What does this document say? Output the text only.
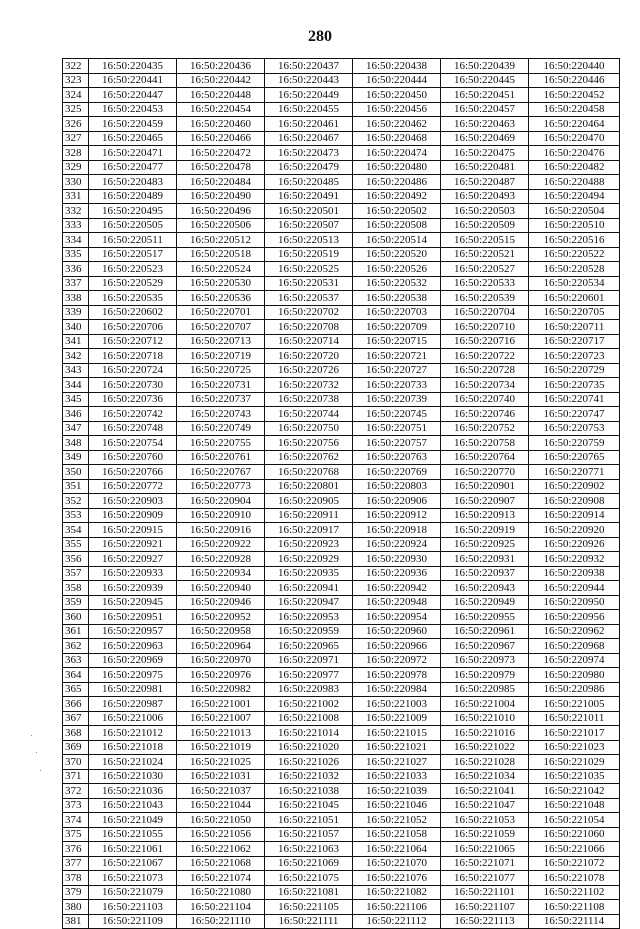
280
322	16:50:220435	16:50:220436	16:50:220437	16:50:220438	16:50:220439	16:50:220440
323	16:50:220441	16:50:220442	16:50:220443	16:50:220444	16:50:220445	16:50:220446
324	16:50:220447	16:50:220448	16:50:220449	16:50:220450	16:50:220451	16:50:220452
325	16:50:220453	16:50:220454	16:50:220455	16:50:220456	16:50:220457	16:50:220458
326	16:50:220459	16:50:220460	16:50:220461	16:50:220462	16:50:220463	16:50:220464
327	16:50:220465	16:50:220466	16:50:220467	16:50:220468	16:50:220469	16:50:220470
328	16:50:220471	16:50:220472	16:50:220473	16:50:220474	16:50:220475	16:50:220476
329	16:50:220477	16:50:220478	16:50:220479	16:50:220480	16:50:220481	16:50:220482
330	16:50:220483	16:50:220484	16:50:220485	16:50:220486	16:50:220487	16:50:220488
331	16:50:220489	16:50:220490	16:50:220491	16:50:220492	16:50:220493	16:50:220494
332	16:50:220495	16:50:220496	16:50:220501	16:50:220502	16:50:220503	16:50:220504
333	16:50:220505	16:50:220506	16:50:220507	16:50:220508	16:50:220509	16:50:220510
334	16:50:220511	16:50:220512	16:50:220513	16:50:220514	16:50:220515	16:50:220516
335	16:50:220517	16:50:220518	16:50:220519	16:50:220520	16:50:220521	16:50:220522
336	16:50:220523	16:50:220524	16:50:220525	16:50:220526	16:50:220527	16:50:220528
337	16:50:220529	16:50:220530	16:50:220531	16:50:220532	16:50:220533	16:50:220534
338	16:50:220535	16:50:220536	16:50:220537	16:50:220538	16:50:220539	16:50:220601
339	16:50:220602	16:50:220701	16:50:220702	16:50:220703	16:50:220704	16:50:220705
340	16:50:220706	16:50:220707	16:50:220708	16:50:220709	16:50:220710	16:50:220711
341	16:50:220712	16:50:220713	16:50:220714	16:50:220715	16:50:220716	16:50:220717
342	16:50:220718	16:50:220719	16:50:220720	16:50:220721	16:50:220722	16:50:220723
343	16:50:220724	16:50:220725	16:50:220726	16:50:220727	16:50:220728	16:50:220729
344	16:50:220730	16:50:220731	16:50:220732	16:50:220733	16:50:220734	16:50:220735
345	16:50:220736	16:50:220737	16:50:220738	16:50:220739	16:50:220740	16:50:220741
346	16:50:220742	16:50:220743	16:50:220744	16:50:220745	16:50:220746	16:50:220747
347	16:50:220748	16:50:220749	16:50:220750	16:50:220751	16:50:220752	16:50:220753
348	16:50:220754	16:50:220755	16:50:220756	16:50:220757	16:50:220758	16:50:220759
349	16:50:220760	16:50:220761	16:50:220762	16:50:220763	16:50:220764	16:50:220765
350	16:50:220766	16:50:220767	16:50:220768	16:50:220769	16:50:220770	16:50:220771
351	16:50:220772	16:50:220773	16:50:220801	16:50:220803	16:50:220901	16:50:220902
352	16:50:220903	16:50:220904	16:50:220905	16:50:220906	16:50:220907	16:50:220908
353	16:50:220909	16:50:220910	16:50:220911	16:50:220912	16:50:220913	16:50:220914
354	16:50:220915	16:50:220916	16:50:220917	16:50:220918	16:50:220919	16:50:220920
355	16:50:220921	16:50:220922	16:50:220923	16:50:220924	16:50:220925	16:50:220926
356	16:50:220927	16:50:220928	16:50:220929	16:50:220930	16:50:220931	16:50:220932
357	16:50:220933	16:50:220934	16:50:220935	16:50:220936	16:50:220937	16:50:220938
358	16:50:220939	16:50:220940	16:50:220941	16:50:220942	16:50:220943	16:50:220944
359	16:50:220945	16:50:220946	16:50:220947	16:50:220948	16:50:220949	16:50:220950
360	16:50:220951	16:50:220952	16:50:220953	16:50:220954	16:50:220955	16:50:220956
361	16:50:220957	16:50:220958	16:50:220959	16:50:220960	16:50:220961	16:50:220962
362	16:50:220963	16:50:220964	16:50:220965	16:50:220966	16:50:220967	16:50:220968
363	16:50:220969	16:50:220970	16:50:220971	16:50:220972	16:50:220973	16:50:220974
364	16:50:220975	16:50:220976	16:50:220977	16:50:220978	16:50:220979	16:50:220980
365	16:50:220981	16:50:220982	16:50:220983	16:50:220984	16:50:220985	16:50:220986
366	16:50:220987	16:50:221001	16:50:221002	16:50:221003	16:50:221004	16:50:221005
367	16:50:221006	16:50:221007	16:50:221008	16:50:221009	16:50:221010	16:50:221011
368	16:50:221012	16:50:221013	16:50:221014	16:50:221015	16:50:221016	16:50:221017
369	16:50:221018	16:50:221019	16:50:221020	16:50:221021	16:50:221022	16:50:221023
370	16:50:221024	16:50:221025	16:50:221026	16:50:221027	16:50:221028	16:50:221029
371	16:50:221030	16:50:221031	16:50:221032	16:50:221033	16:50:221034	16:50:221035
372	16:50:221036	16:50:221037	16:50:221038	16:50:221039	16:50:221041	16:50:221042
373	16:50:221043	16:50:221044	16:50:221045	16:50:221046	16:50:221047	16:50:221048
374	16:50:221049	16:50:221050	16:50:221051	16:50:221052	16:50:221053	16:50:221054
375	16:50:221055	16:50:221056	16:50:221057	16:50:221058	16:50:221059	16:50:221060
376	16:50:221061	16:50:221062	16:50:221063	16:50:221064	16:50:221065	16:50:221066
377	16:50:221067	16:50:221068	16:50:221069	16:50:221070	16:50:221071	16:50:221072
378	16:50:221073	16:50:221074	16:50:221075	16:50:221076	16:50:221077	16:50:221078
379	16:50:221079	16:50:221080	16:50:221081	16:50:221082	16:50:221101	16:50:221102
380	16:50:221103	16:50:221104	16:50:221105	16:50:221106	16:50:221107	16:50:221108
381	16:50:221109	16:50:221110	16:50:221111	16:50:221112	16:50:221113	16:50:221114
